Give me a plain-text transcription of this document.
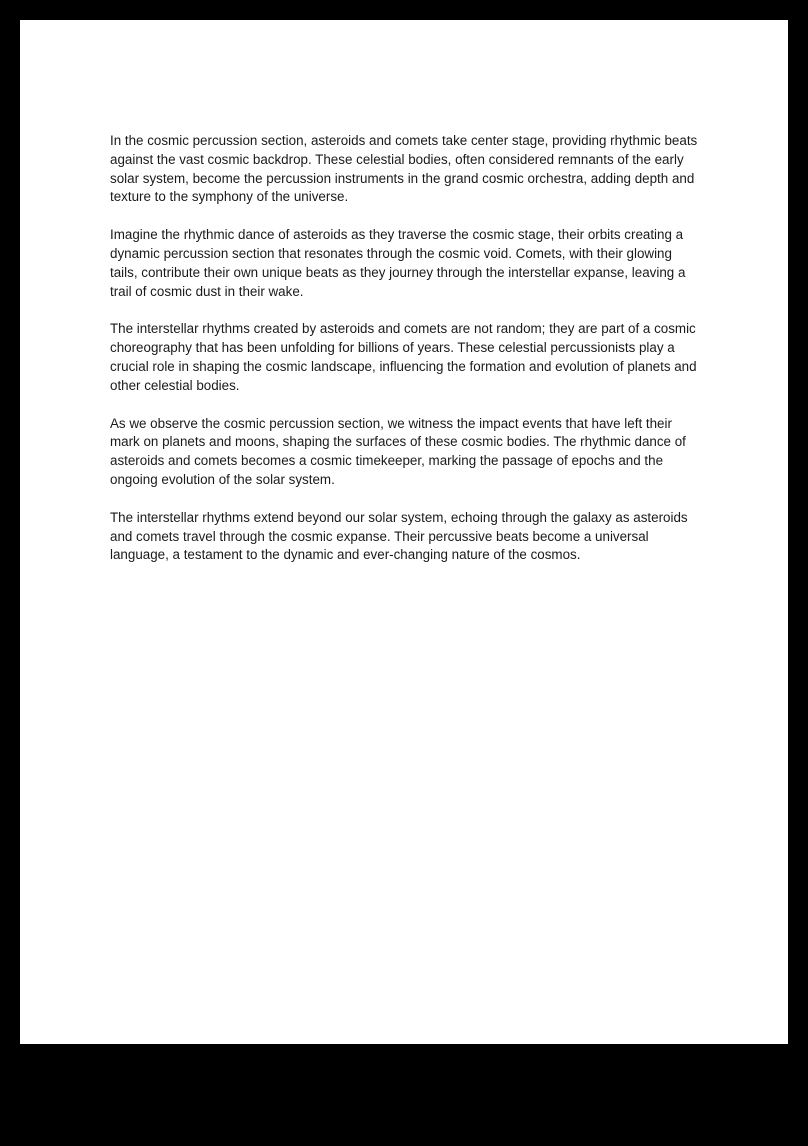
In the cosmic percussion section, asteroids and comets take center stage, providing rhythmic beats against the vast cosmic backdrop. These celestial bodies, often considered remnants of the early solar system, become the percussion instruments in the grand cosmic orchestra, adding depth and texture to the symphony of the universe.

Imagine the rhythmic dance of asteroids as they traverse the cosmic stage, their orbits creating a dynamic percussion section that resonates through the cosmic void. Comets, with their glowing tails, contribute their own unique beats as they journey through the interstellar expanse, leaving a trail of cosmic dust in their wake.

The interstellar rhythms created by asteroids and comets are not random; they are part of a cosmic choreography that has been unfolding for billions of years. These celestial percussionists play a crucial role in shaping the cosmic landscape, influencing the formation and evolution of planets and other celestial bodies.

As we observe the cosmic percussion section, we witness the impact events that have left their mark on planets and moons, shaping the surfaces of these cosmic bodies. The rhythmic dance of asteroids and comets becomes a cosmic timekeeper, marking the passage of epochs and the ongoing evolution of the solar system.

The interstellar rhythms extend beyond our solar system, echoing through the galaxy as asteroids and comets travel through the cosmic expanse. Their percussive beats become a universal language, a testament to the dynamic and ever-changing nature of the cosmos.
